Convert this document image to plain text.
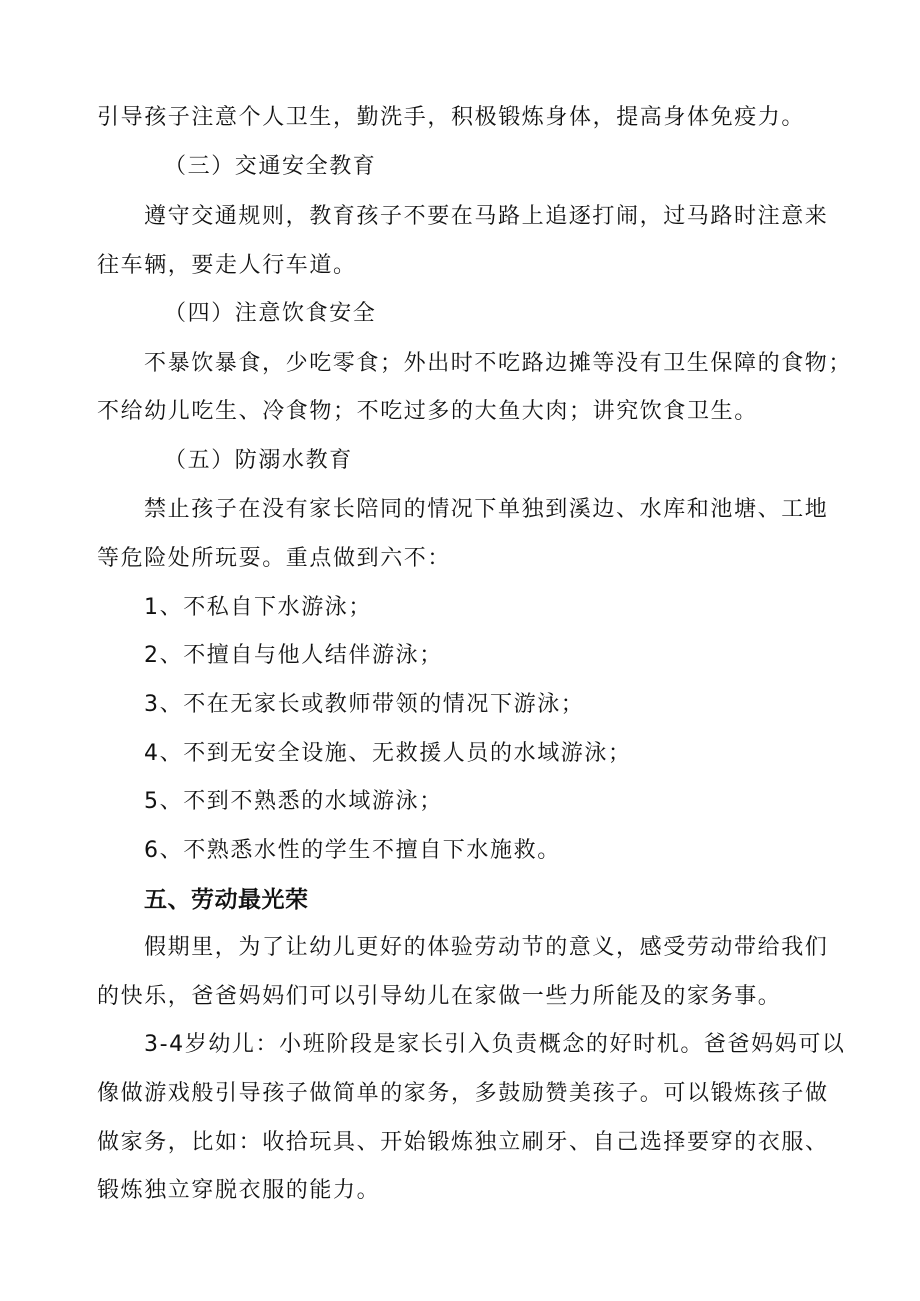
引导孩子注意个人卫生，勤洗手，积极锻炼身体，提高身体免疫力。
（三）交通安全教育
遵守交通规则，教育孩子不要在马路上追逐打闹，过马路时注意来
往车辆，要走人行车道。
（四）注意饮食安全
不暴饮暴食，少吃零食；外出时不吃路边摊等没有卫生保障的食物；
不给幼儿吃生、冷食物；不吃过多的大鱼大肉；讲究饮食卫生。
（五）防溺水教育
禁止孩子在没有家长陪同的情况下单独到溪边、水库和池塘、工地
等危险处所玩耍。重点做到六不：
1、不私自下水游泳；
2、不擅自与他人结伴游泳；
3、不在无家长或教师带领的情况下游泳；
4、不到无安全设施、无救援人员的水域游泳；
5、不到不熟悉的水域游泳；
6、不熟悉水性的学生不擅自下水施救。
五、劳动最光荣
假期里，为了让幼儿更好的体验劳动节的意义，感受劳动带给我们
的快乐，爸爸妈妈们可以引导幼儿在家做一些力所能及的家务事。
3-4岁幼儿：小班阶段是家长引入负责概念的好时机。爸爸妈妈可以
像做游戏般引导孩子做简单的家务，多鼓励赞美孩子。可以锻炼孩子做
做家务，比如：收拾玩具、开始锻炼独立刷牙、自己选择要穿的衣服、
锻炼独立穿脱衣服的能力。
